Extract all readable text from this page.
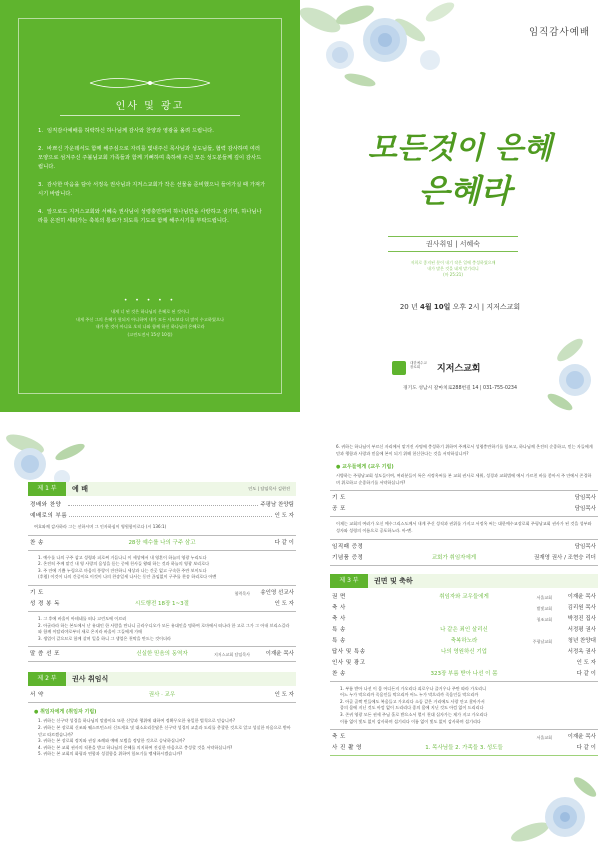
인사 및 광고
1. 임직감사예배를 허락하신 하나님께 감사와 찬양과 영광을 올려 드립니다.
2. 바쁘신 가운데서도 함께 해주심으로 자리를 빛내주신 목사님과 성도님들, 협력 감사하며 여러 모양으로 섬겨주신 주볼님교회 가족들과 함께 기뻐하며 축하해 주신 모든 성도분들께 깊이 감사드립니다.
3. 감사한 마음을 담아 서정옥 권사님과 지저스교회가 작은 선물을 준비했으니 들어가실 때 가져가시기 바랍니다.
4. 앞으로도 지저스교회와 서혜숙 권사님이 성령충만하여 하나님만을 사랑하고 섬기며, 하나님나라를 온전히 세워가는 축복의 통로가 되도록 기도로 함께 해주시기를 부탁드립니다.
• • • • •
내게 너 된 것은 하나님의 은혜로 된 것이니
내게 주신 그의 은혜가 헛되지 아니하여 내가 모든 사도보다 더 많이 수고하였으나
내가 한 것이 아니요 오직 나와 함께 하신 하나님의 은혜로라
(고린도전서 15장 10절)
임직감사예배
모든것이 은혜
은혜라
권사취임 | 서혜숙
저희로 좋지된 분이 내기 작은 일에 충성하였으매
내가 많은 것을 네게 맡기리니
(마 25:21)
20 년 4월 10일 오후 2시 | 지저스교회
대한예수교
장로회	지저스교회
경기도 성남시 갈마치로288번길 14 | 031-755-0234
제 1 부	예 배	인도 | 담임목사 김현진
경배와 찬양	주평남 찬양팀
예배로의 부름	인 도 자
여호와께 감사하라 그는 선하시며 그 인자하심이 영원함이로다 (시 136:1)
찬 송	28장 예수를 나의 구주 삼고	다 같 이
1. 예수를 나의 구주 삼고 성령과 피로써 거듭나니 이 세상에서 내 영혼이 하늘의 영광 누리도다
2. 온전히 주께 맡긴 내 영 사랑의 음성을 듣는 중에 천사들 왕래 하는 것과 하늘의 영광 보리로다
3. 주 안에 기쁨 누림으로 마음의 풍랑이 잔잔하니 세상과 나는 간곳 없고 구속한 주만 보이도다
(후렴) 이것이 나의 간증이요 이것이 나의 찬송일세 나사는 동안 끊임없이 구주를 찬송 하리로다 아멘
기 도	협력목사 송인영 선교사
성 경 봉 독	시도행전 18장 1~3절	인 도 자
1. 그 후에 바울이 아테네를 떠나 고린도에 이르러
2. 아굴라라 하는 본도에서 난 유대인 한 사람을 만나니 글라우디오가 모든 유대인을 명하여 로마에서 떠나라 한 고로 그가 그 아내 브리스길라와 함께 이탈리야로부터 새로 온지라 바울이 그들에게 가매
3. 생업이 같으므로 함께 살며 일을 하니 그 생업은 천막을 만드는 것이더라
말 씀 선 포	신실한 믿음의 동역자	지저스교회 담임목사	이재윤 목사
제 2 부	권사 취임식
서 약	권사 · 교우	인 도 자
● 취임자에게 (취임자 기립)
1. 귀하는 신구약 성경을 하나님의 말씀이요 또한 신앙과 행위에 대하여 정확무오한 유일한 법칙으로 믿습니까?
2. 귀하는 본 장로회 신조와 웨스트민스터 신도게요 및 대소요리문답은 신구약 성경의 교훈과 도리를 총괄한 것으로 알고 성실한 마음으로 받아 믿고 따르겠습니까?
3. 귀하는 본 장로회 정치와 권징 조례와 예배 모범을 정당한 것으로 승낙하십니까?
4. 귀하는 본 교회 권사의 직분을 받고 하나님의 은혜를 의지하여 진실한 마음으로 충성할 것을 서약하십니까?
5. 귀하는 본 교회의 화평과 연합과 성결함을 위하여 힘쓰기를 맹세하시겠습니까?
6. 귀하는 하나님이 부르신 자리에서 맡겨진 사명에 충성하기 위하여 주께로서 성령충만하기를 힘쓰고, 하나님께 온전히 순종하고, 믿는 자들에게 믿과 행함과 사랑과 믿음에 본이 되기 위해 헌신한다는 것을 서약하십니까?
● 교우들에게 (교우 기립)
시방하는 주평남교회 성도들이여, 여러분들이 특은 서정옥씨를 본 교회 권사로 세워, 성경과 교회법에 에서 가르친 바를 좋아서 주 안에서 존경하며 위로하고 순종하기를 서약하십니까?
기 도	담임목사
공 포	담임목사
이제는 교회의 여러가 오신 예수그리스도께서 내게 주신 성직과 권위를 가지고 서정옥 씨는 대한예수교장로회 주평남교회 권사가 된 것을 성부와 성자와 성령의 이름으로 공포하노라. 아-멘.
임직패 증정	담임목사
기념품 증정	교회가 취임자에게	권재영 권사 / 조현승 리더
제 3 부	권면 및 축하
권 면	취임자와 교우들에게	서울교회	이재윤 목사
축 사	별빛교회	김리원 목사
축 사	청조교회	박정진 집사
특 송	나 같은 죄인 살리신	서정평 권사
특 송	축복하노라	주평남교회	청년 찬양대
답사 및 특송	나의 영원하신 기업	서정옥 권사
인사 및 광고	인 도 자
찬 송	323장 부름 받아 나선 이 몸	다 같 이
1. 부름 받아 나선 이 몸 어디든지 가오리다 괴로우나 즐거우나 주만 따라 가오리니
어느 누가 막으리까 죽음인들 막으리까 어느 누가 막으리까 죽음인들 막으리까
2. 아골 골짝 빈들에도 복음들고 가오리다 소돔 같은 거리에도 사랑 안고 찾아가서
종의 몸에 지닌 것도 아낌 없이 드리리다 종의 몸에 지닌 것도 아낌 없이 드리리다
3. 존귀 영광 모든 권세 주님 홀로 받으소서 멸시 천대 십자가는 제가 지고 가오리다
이름 없이 빛도 없이 감사하며 섬기리다 이름 없이 빛도 없이 감사하며 섬기리다
축 도	서울교회	이재윤 목사
사 진 촬 영	1. 목사님들 2. 가족들 3. 성도들	다 같 이
